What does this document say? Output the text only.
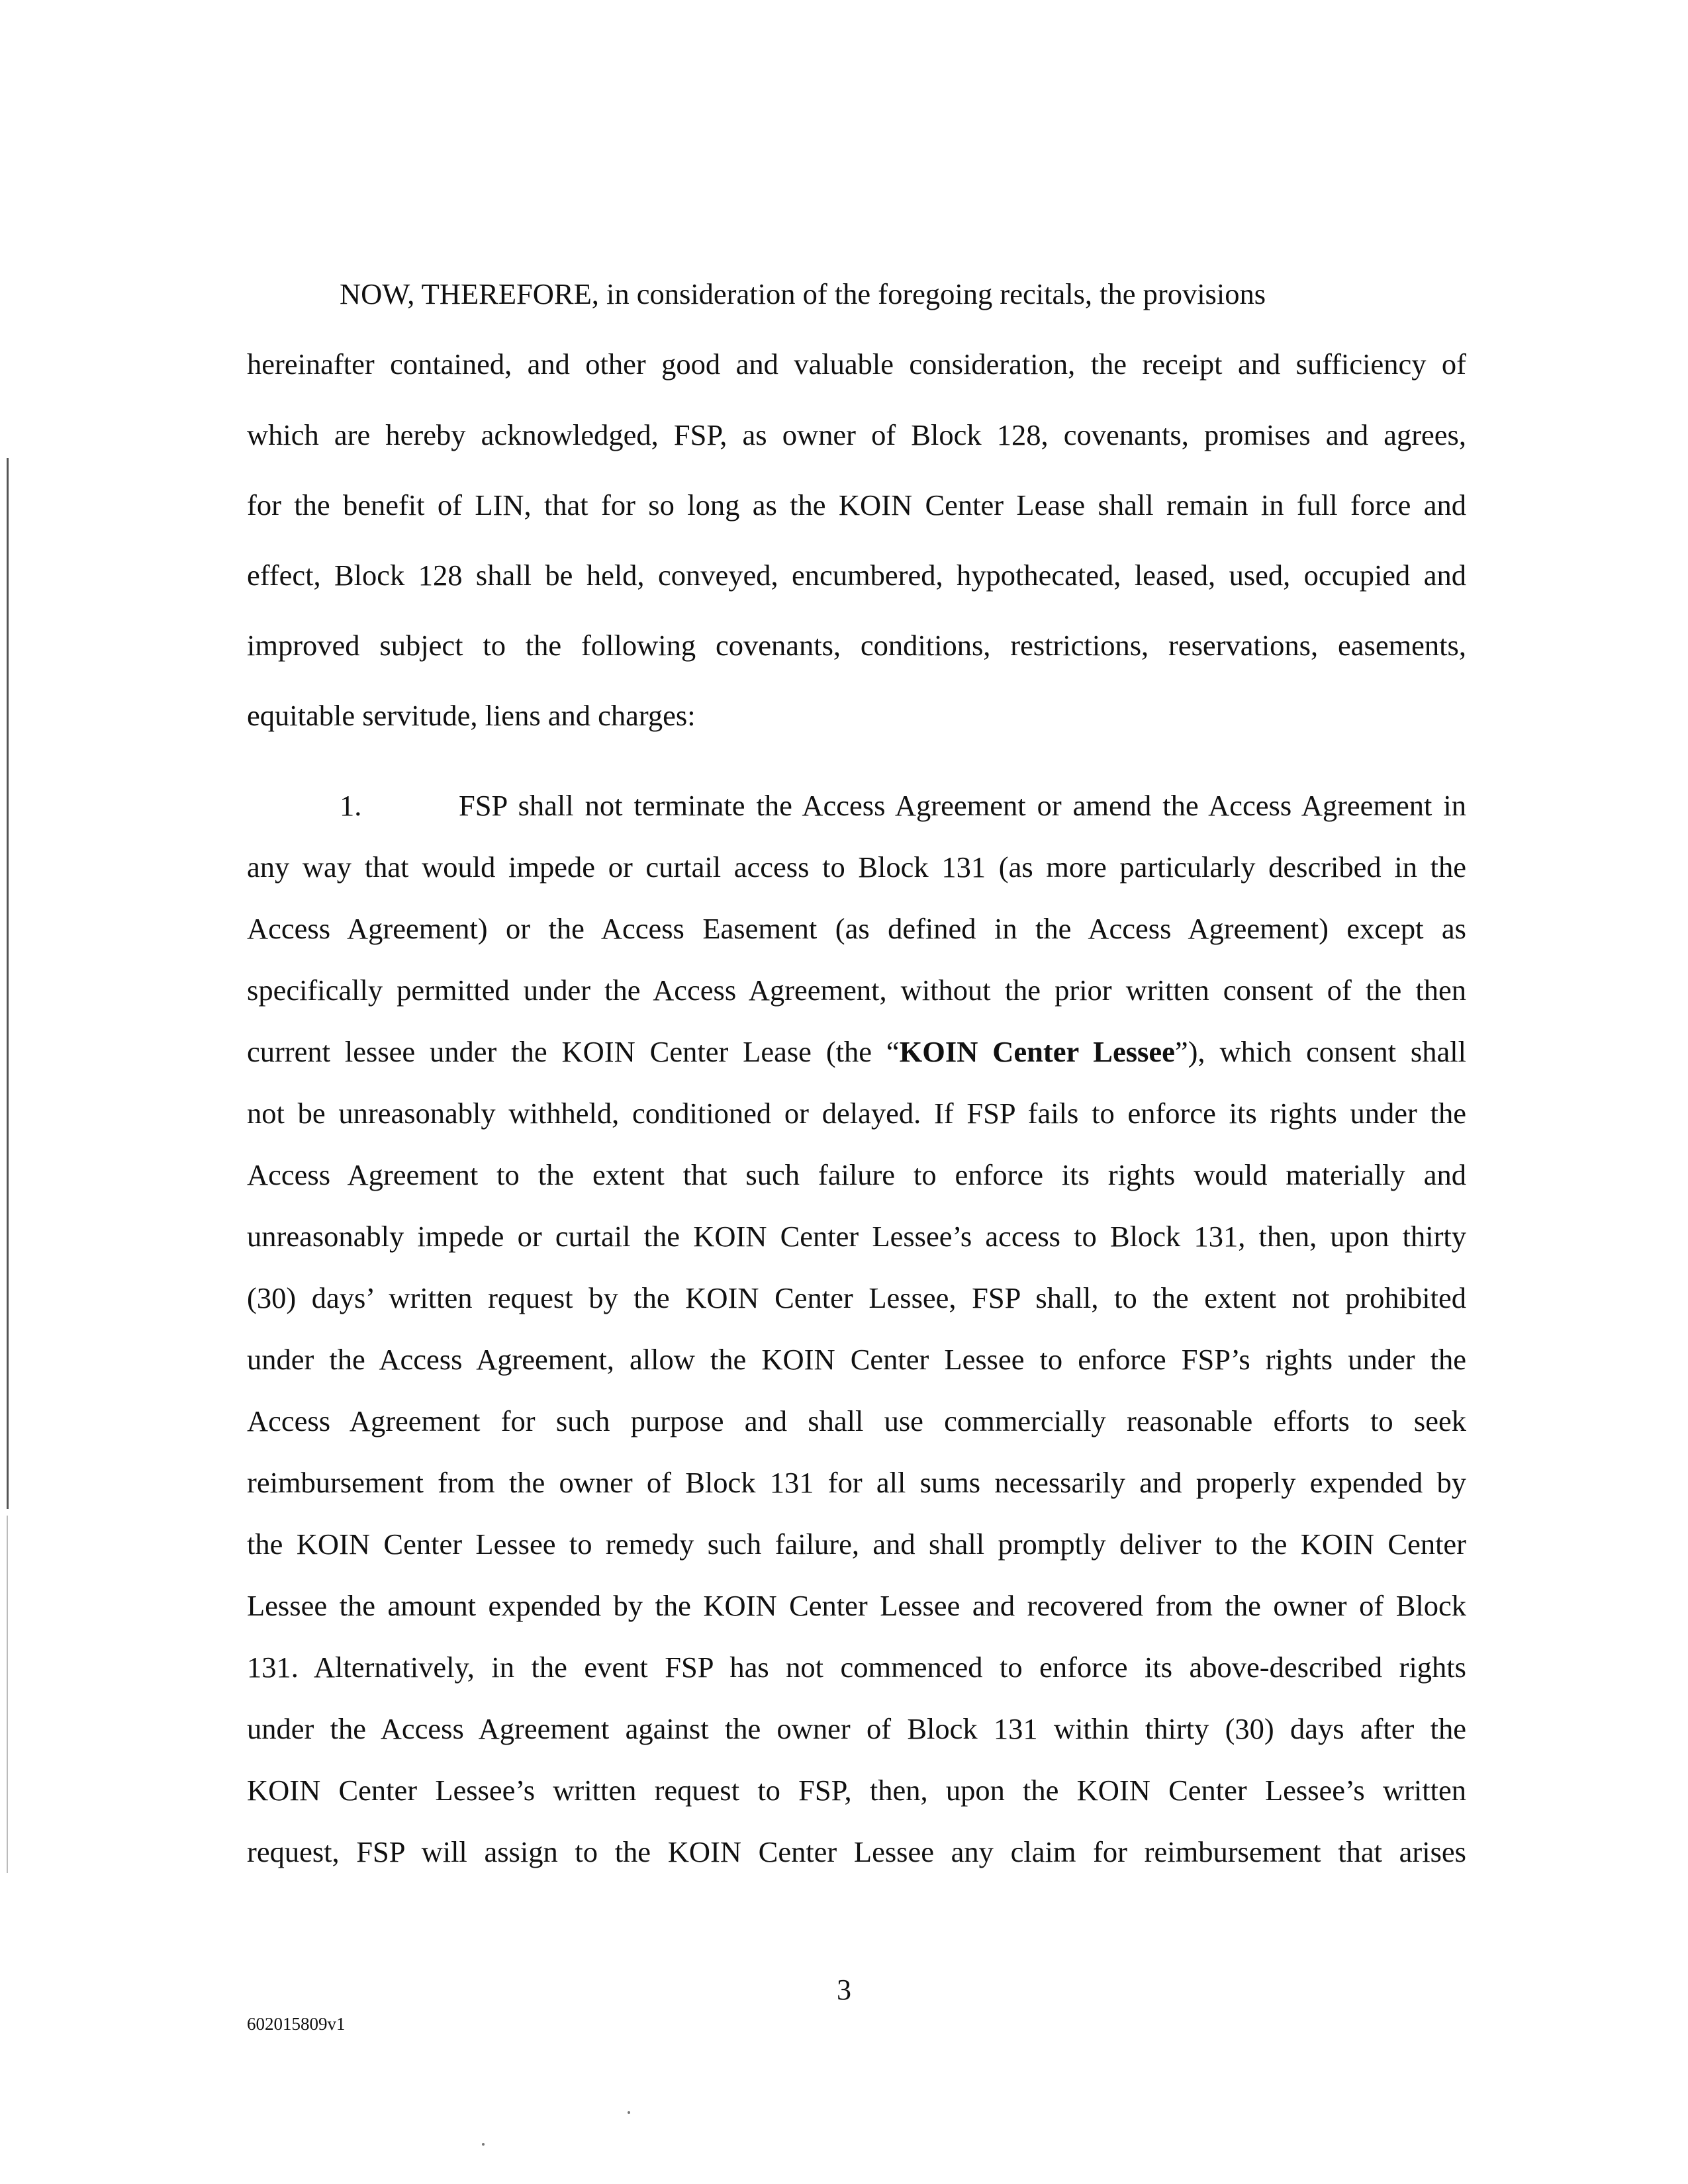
NOW, THEREFORE, in consideration of the foregoing recitals, the provisions
hereinafter contained, and other good and valuable consideration, the receipt and sufficiency of
which are hereby acknowledged, FSP, as owner of Block 128, covenants, promises and agrees,
for the benefit of LIN, that for so long as the KOIN Center Lease shall remain in full force and
effect, Block 128 shall be held, conveyed, encumbered, hypothecated, leased, used, occupied and
improved subject to the following covenants, conditions, restrictions, reservations, easements,
equitable servitude, liens and charges:
1.	FSP shall not terminate the Access Agreement or amend the Access Agreement in
any way that would impede or curtail access to Block 131 (as more particularly described in the
Access Agreement) or the Access Easement (as defined in the Access Agreement) except as
specifically permitted under the Access Agreement, without the prior written consent of the then
current lessee under the KOIN Center Lease (the “KOIN Center Lessee”), which consent shall
not be unreasonably withheld, conditioned or delayed. If FSP fails to enforce its rights under the
Access Agreement to the extent that such failure to enforce its rights would materially and
unreasonably impede or curtail the KOIN Center Lessee’s access to Block 131, then, upon thirty
(30) days’ written request by the KOIN Center Lessee, FSP shall, to the extent not prohibited
under the Access Agreement, allow the KOIN Center Lessee to enforce FSP’s rights under the
Access Agreement for such purpose and shall use commercially reasonable efforts to seek
reimbursement from the owner of Block 131 for all sums necessarily and properly expended by
the KOIN Center Lessee to remedy such failure, and shall promptly deliver to the KOIN Center
Lessee the amount expended by the KOIN Center Lessee and recovered from the owner of Block
131. Alternatively, in the event FSP has not commenced to enforce its above-described rights
under the Access Agreement against the owner of Block 131 within thirty (30) days after the
KOIN Center Lessee’s written request to FSP, then, upon the KOIN Center Lessee’s written
request, FSP will assign to the KOIN Center Lessee any claim for reimbursement that arises
3
602015809v1
